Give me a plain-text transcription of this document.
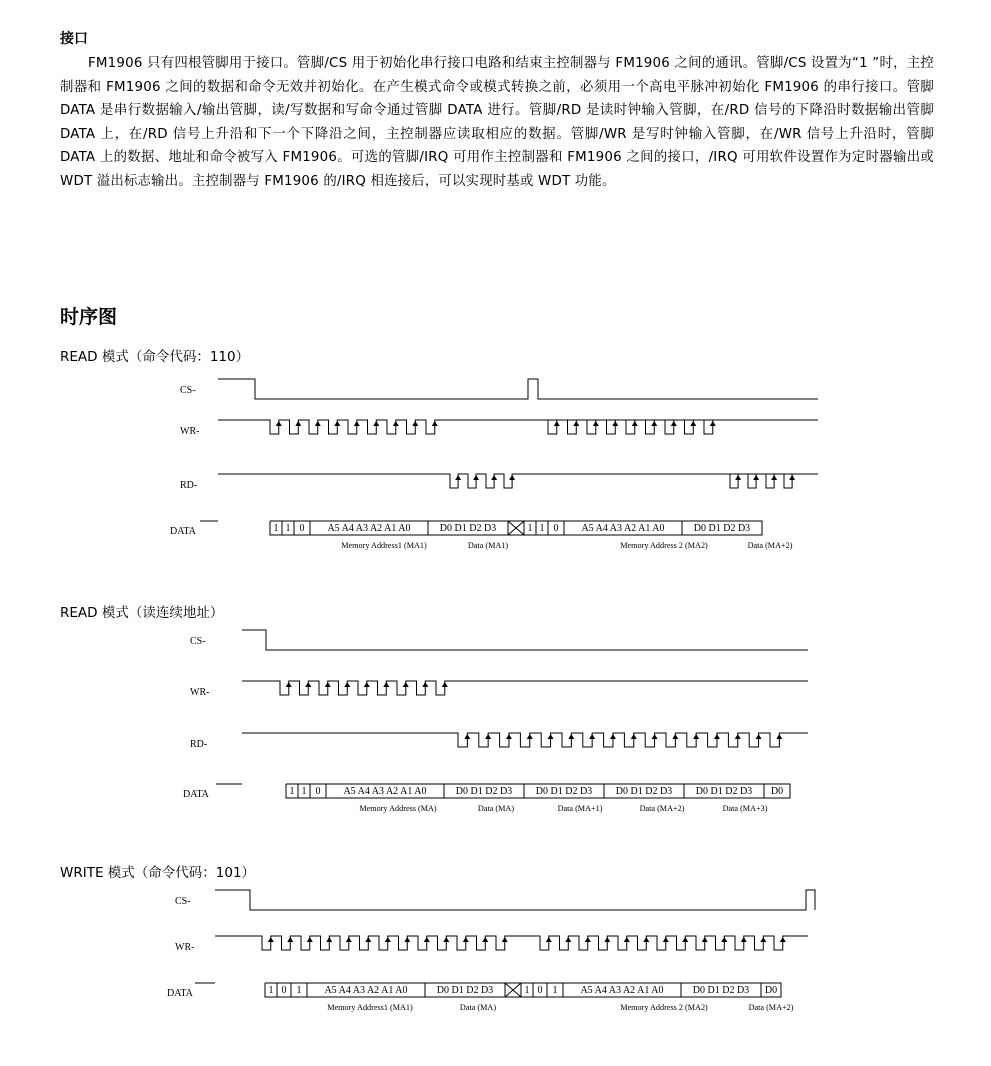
接口

FM1906 只有四根管脚用于接口。管脚/CS 用于初始化串行接口电路和结束主控制器与 FM1906 之间的通讯。管脚/CS 设置为“1 ”时，主控制器和 FM1906 之间的数据和命令无效并初始化。在产生模式命令或模式转换之前，必须用一个高电平脉冲初始化 FM1906 的串行接口。管脚 DATA 是串行数据输入/输出管脚，读/写数据和写命令通过管脚 DATA 进行。管脚/RD 是读时钟输入管脚，在/RD 信号的下降沿时数据输出管脚 DATA 上，在/RD 信号上升沿和下一个下降沿之间，主控制器应读取相应的数据。管脚/WR 是写时钟输入管脚，在/WR 信号上升沿时，管脚 DATA 上的数据、地址和命令被写入 FM1906。可选的管脚/IRQ 可用作主控制器和 FM1906 之间的接口，/IRQ 可用软件设置作为定时器输出或 WDT 溢出标志输出。主控制器与 FM1906 的/IRQ 相连接后，可以实现时基或 WDT 功能。

时序图

READ 模式（命令代码：110）

CS-
WR-
RD-
DATA	1 1 0 A5 A4 A3 A2 A1 A0	D0 D1 D2 D3	1 1 0 A5 A4 A3 A2 A1 A0	D0 D1 D2 D3
Memory Address1 (MA1)	Data (MA1)	Memory Address 2 (MA2)	Data (MA+2)

READ 模式（读连续地址）

CS-
WR-
RD-
DATA	1 1 0 A5 A4 A3 A2 A1 A0	D0 D1 D2 D3 D0 D1 D2 D3 D0 D1 D2 D3 D0 D1 D2 D3 D0
Memory Address (MA)	Data (MA)	Data (MA+1)	Data (MA+2)	Data (MA+3)

WRITE 模式（命令代码：101）

CS-
WR-
DATA	1 0 1 A5 A4 A3 A2 A1 A0	D0 D1 D2 D3	1 0 1 A5 A4 A3 A2 A1 A0	D0 D1 D2 D3 D0
Memory Address1 (MA1)	Data (MA)	Memory Address 2 (MA2)	Data (MA+2)
